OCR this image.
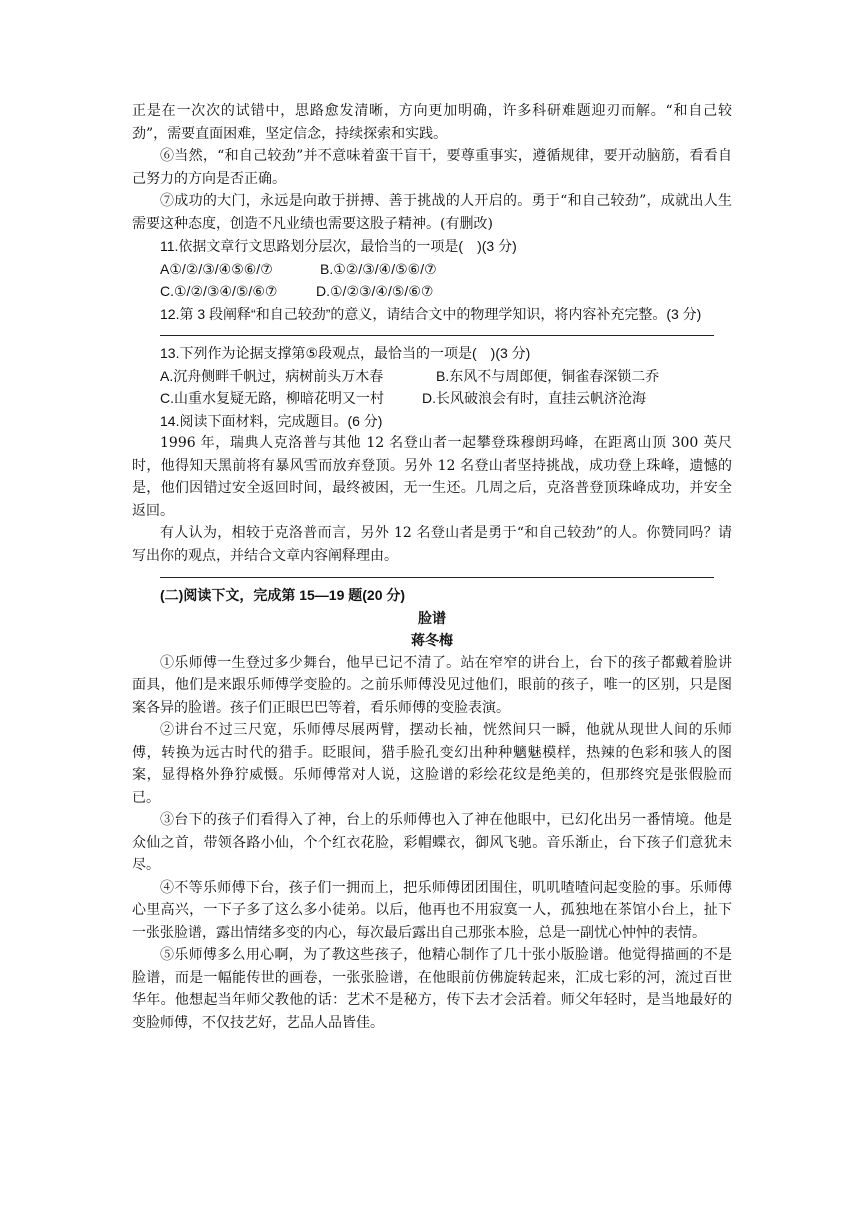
正是在一次次的试错中，思路愈发清晰，方向更加明确，许多科研难题迎刃而解。“和自己较劲”，需要直面困难，坚定信念，持续探索和实践。

⑥当然，“和自己较劲”并不意味着蛮干盲干，要尊重事实，遵循规律，要开动脑筋，看看自己努力的方向是否正确。

⑦成功的大门，永远是向敢于拼搏、善于挑战的人开启的。勇于“和自己较劲”，成就出人生需要这种态度，创造不凡业绩也需要这股子精神。(有删改)

11.依据文章行文思路划分层次，最恰当的一项是(　)(3 分)

A①/②/③/④⑤⑥/⑦	B.①②/③/④/⑤⑥/⑦

C.①/②/③④/⑤/⑥⑦	D.①/②③/④/⑤/⑥⑦

12.第 3 段阐释“和自己较劲”的意义，请结合文中的物理学知识，将内容补充完整。(3 分)

13.下列作为论据支撑第⑤段观点，最恰当的一项是(　)(3 分)

A.沉舟侧畔千帆过，病树前头万木春	B.东风不与周郎便，铜雀春深锁二乔

C.山重水复疑无路，柳暗花明又一村	D.长风破浪会有时，直挂云帆济沧海

14.阅读下面材料，完成题目。(6 分)

1996 年，瑞典人克洛普与其他 12 名登山者一起攀登珠穆朗玛峰，在距离山顶 300 英尺时，他得知天黑前将有暴风雪而放弃登顶。另外 12 名登山者坚持挑战，成功登上珠峰，遗憾的是，他们因错过安全返回时间，最终被困，无一生还。几周之后，克洛普登顶珠峰成功，并安全返回。

有人认为，相较于克洛普而言，另外 12 名登山者是勇于“和自己较劲”的人。你赞同吗？请写出你的观点，并结合文章内容阐释理由。

(二)阅读下文，完成第 15—19 题(20 分)

脸谱

蒋冬梅

①乐师傅一生登过多少舞台，他早已记不清了。站在窄窄的讲台上，台下的孩子都戴着脸讲面具，他们是来跟乐师傅学变脸的。之前乐师傅没见过他们，眼前的孩子，唯一的区别，只是图案各异的脸谱。孩子们正眼巴巴等着，看乐师傅的变脸表演。

②讲台不过三尺宽，乐师傅尽展两臂，摆动长袖，恍然间只一瞬，他就从现世人间的乐师傅，转换为远古时代的猎手。眨眼间，猎手脸孔变幻出种种魑魅模样，热辣的色彩和骇人的图案，显得格外狰狞威慑。乐师傅常对人说，这脸谱的彩绘花纹是绝美的，但那终究是张假脸而已。

③台下的孩子们看得入了神，台上的乐师傅也入了神在他眼中，已幻化出另一番情境。他是众仙之首，带领各路小仙，个个红衣花脸，彩帽蝶衣，御风飞驰。音乐渐止，台下孩子们意犹未尽。

④不等乐师傅下台，孩子们一拥而上，把乐师傅团团围住，叽叽喳喳问起变脸的事。乐师傅心里高兴，一下子多了这么多小徒弟。以后，他再也不用寂寞一人，孤独地在茶馆小台上，扯下一张张脸谱，露出情绪多变的内心，每次最后露出自己那张本脸，总是一副忧心忡忡的表情。

⑤乐师傅多么用心啊，为了教这些孩子，他精心制作了几十张小版脸谱。他觉得描画的不是脸谱，而是一幅能传世的画卷，一张张脸谱，在他眼前仿佛旋转起来，汇成七彩的河，流过百世华年。他想起当年师父教他的话：艺术不是秘方，传下去才会活着。师父年轻时，是当地最好的变脸师傅，不仅技艺好，艺品人品皆佳。
